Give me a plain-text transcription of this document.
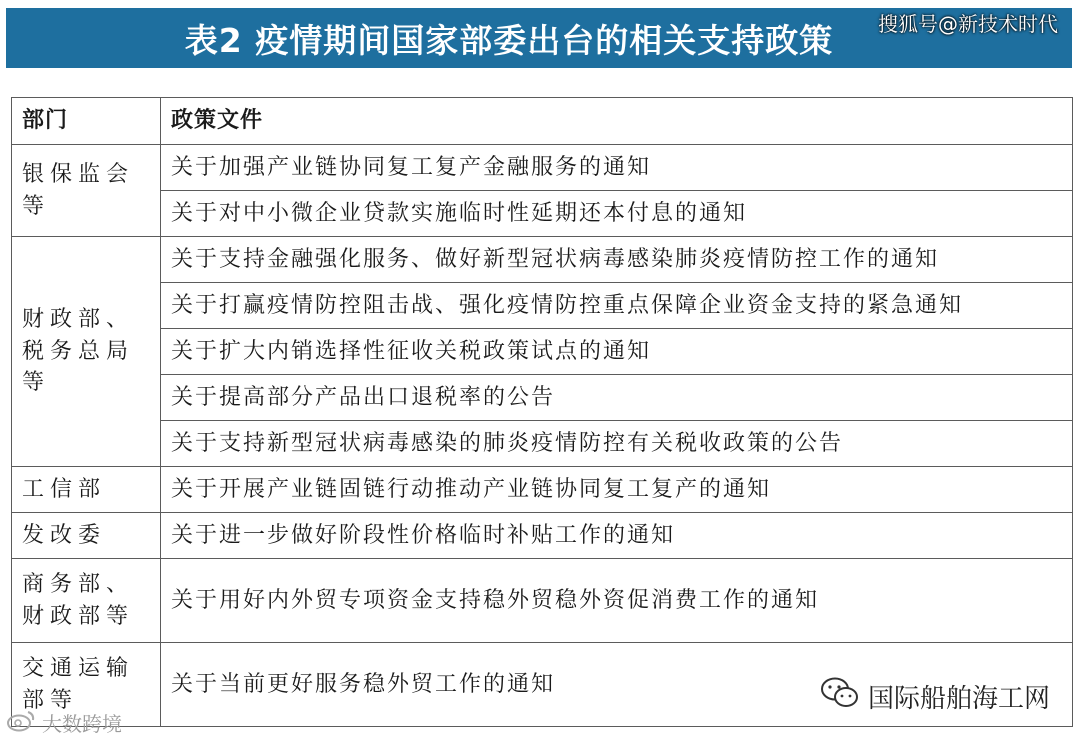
表2 疫情期间国家部委出台的相关支持政策 搜狐号@新技术时代
部门	政策文件
银保监会等	关于加强产业链协同复工复产金融服务的通知
	关于对中小微企业贷款实施临时性延期还本付息的通知
财政部、税务总局等	关于支持金融强化服务、做好新型冠状病毒感染肺炎疫情防控工作的通知
	关于打赢疫情防控阻击战、强化疫情防控重点保障企业资金支持的紧急通知
	关于扩大内销选择性征收关税政策试点的通知
	关于提高部分产品出口退税率的公告
	关于支持新型冠状病毒感染的肺炎疫情防控有关税收政策的公告
工信部	关于开展产业链固链行动推动产业链协同复工复产的通知
发改委	关于进一步做好阶段性价格临时补贴工作的通知
商务部、财政部等	关于用好内外贸专项资金支持稳外贸稳外资促消费工作的通知
交通运输部等	关于当前更好服务稳外贸工作的通知	国际船舶海工网
大数跨境
